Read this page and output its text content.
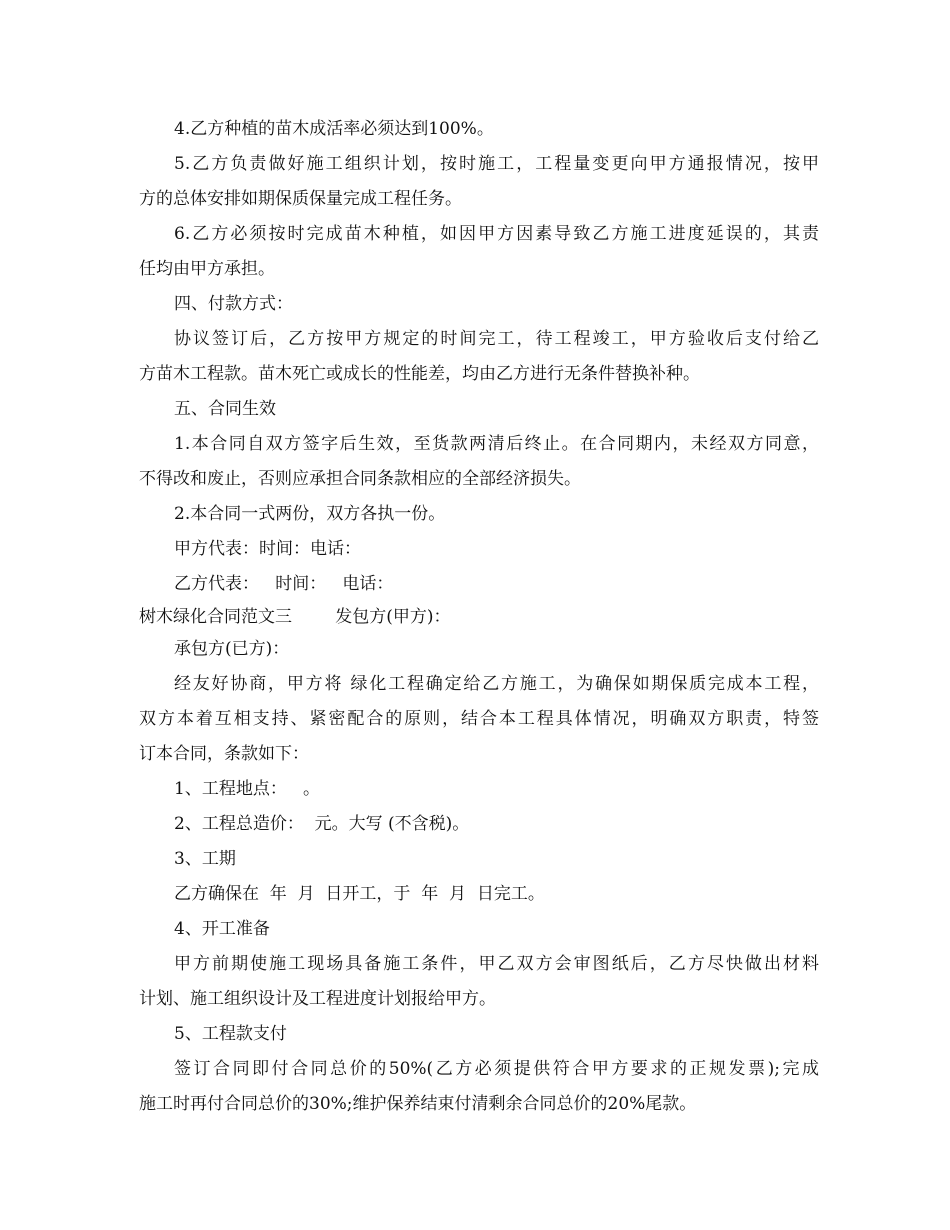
4.乙方种植的苗木成活率必须达到100%。
5.乙方负责做好施工组织计划，按时施工，工程量变更向甲方通报情况，按甲
方的总体安排如期保质保量完成工程任务。
6.乙方必须按时完成苗木种植，如因甲方因素导致乙方施工进度延误的，其责
任均由甲方承担。
四、付款方式：
协议签订后，乙方按甲方规定的时间完工，待工程竣工，甲方验收后支付给乙
方苗木工程款。苗木死亡或成长的性能差，均由乙方进行无条件替换补种。
五、合同生效
1.本合同自双方签字后生效，至货款两清后终止。在合同期内，未经双方同意，
不得改和废止，否则应承担合同条款相应的全部经济损失。
2.本合同一式两份，双方各执一份。
甲方代表：时间：电话：
乙方代表：   时间：   电话：
树木绿化合同范文三        发包方(甲方)：
承包方(已方)：
经友好协商，甲方将 绿化工程确定给乙方施工，为确保如期保质完成本工程，
双方本着互相支持、紧密配合的原则，结合本工程具体情况，明确双方职责，特签
订本合同，条款如下：
1、工程地点：   。
2、工程总造价：  元。大写 (不含税)。
3、工期
乙方确保在  年  月  日开工，于  年  月  日完工。
4、开工准备
甲方前期使施工现场具备施工条件，甲乙双方会审图纸后，乙方尽快做出材料
计划、施工组织设计及工程进度计划报给甲方。
5、工程款支付
签订合同即付合同总价的50%(乙方必须提供符合甲方要求的正规发票);完成
施工时再付合同总价的30%;维护保养结束付清剩余合同总价的20%尾款。
